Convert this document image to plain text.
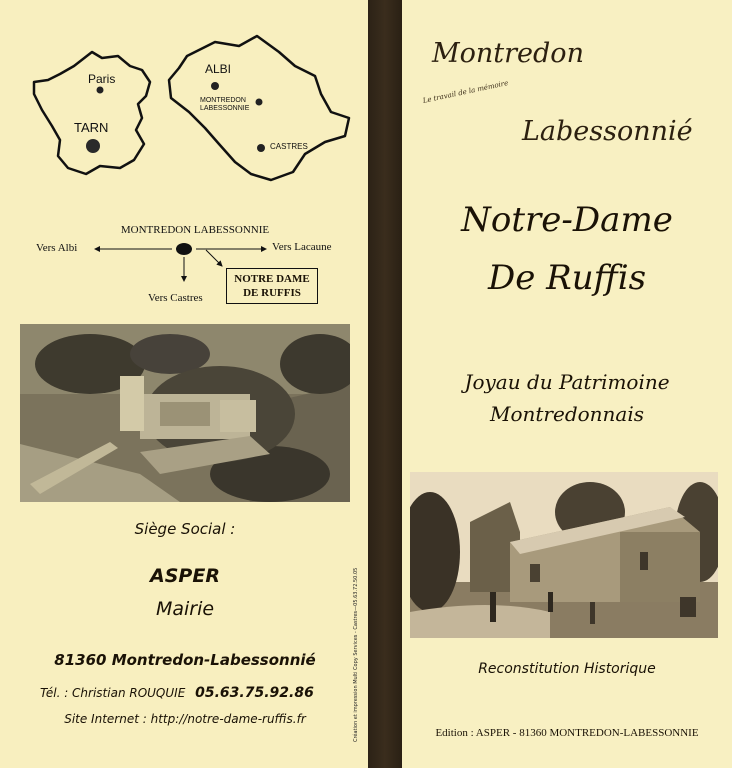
Paris
TARN
ALBI
MONTREDON LABESSONNIE
CASTRES
MONTREDON LABESSONNIE
Vers Albi	Vers Lacaune
Vers Castres
NOTRE DAME DE RUFFIS
Siège Social :
ASPER
Mairie
81360 Montredon-Labessonnié
Tél. : Christian ROUQUIE 05.63.75.92.86
Site Internet : http://notre-dame-ruffis.fr	Création et impression Multi Copy Services - Castres—05.63.72.50.05
Montredon
Le travail de la mémoire
Labessonnié
Notre-Dame
De Ruffis
Joyau du Patrimoine
Montredonnais
Reconstitution Historique
Edition : ASPER - 81360 MONTREDON-LABESSONNIE
